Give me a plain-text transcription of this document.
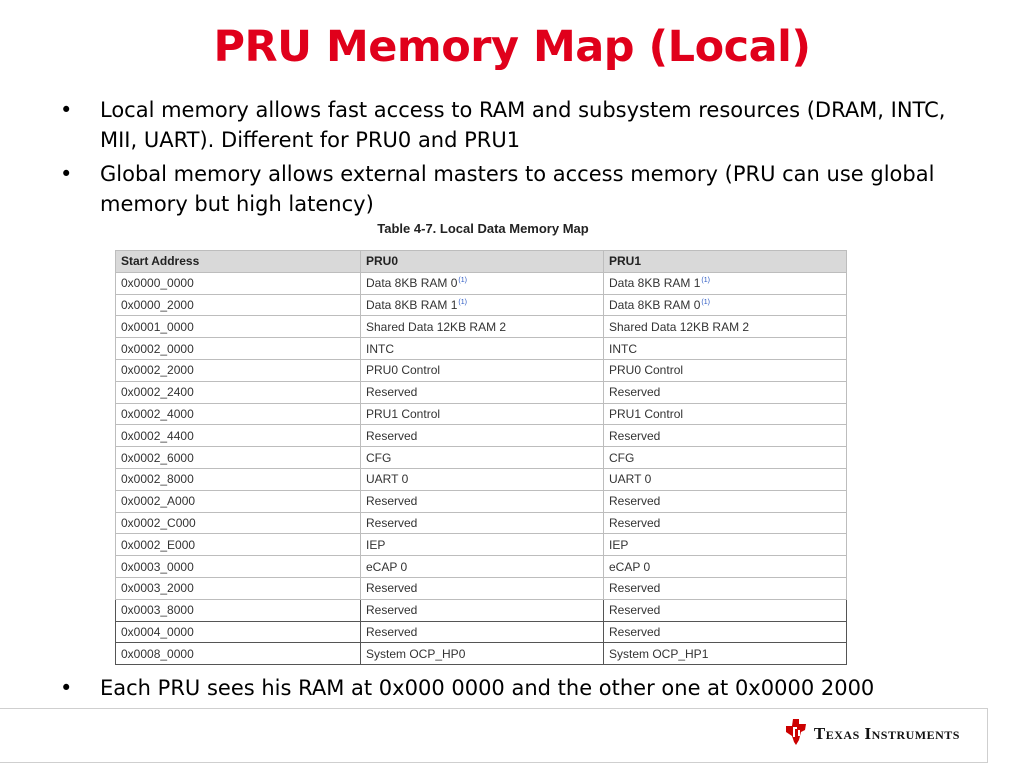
PRU Memory Map (Local)
• Local memory allows fast access to RAM and subsystem resources (DRAM, INTC, MII, UART). Different for PRU0 and PRU1
• Global memory allows external masters to access memory (PRU can use global memory but high latency)
Table 4-7. Local Data Memory Map
Start Address	PRU0	PRU1
0x0000_0000	Data 8KB RAM 0$^{(1)}$	Data 8KB RAM 1$^{(1)}$
0x0000_2000	Data 8KB RAM 1$^{(1)}$	Data 8KB RAM 0$^{(1)}$
0x0001_0000	Shared Data 12KB RAM 2	Shared Data 12KB RAM 2
0x0002_0000	INTC	INTC
0x0002_2000	PRU0 Control	PRU0 Control
0x0002_2400	Reserved	Reserved
0x0002_4000	PRU1 Control	PRU1 Control
0x0002_4400	Reserved	Reserved
0x0002_6000	CFG	CFG
0x0002_8000	UART 0	UART 0
0x0002_A000	Reserved	Reserved
0x0002_C000	Reserved	Reserved
0x0002_E000	IEP	IEP
0x0003_0000	eCAP 0	eCAP 0
0x0003_2000	Reserved	Reserved
0x0003_8000	Reserved	Reserved
0x0004_0000	Reserved	Reserved
0x0008_0000	System OCP_HP0	System OCP_HP1
•	Each PRU sees his RAM at 0x000 0000 and the other one at 0x0000 2000
Texas Instruments
